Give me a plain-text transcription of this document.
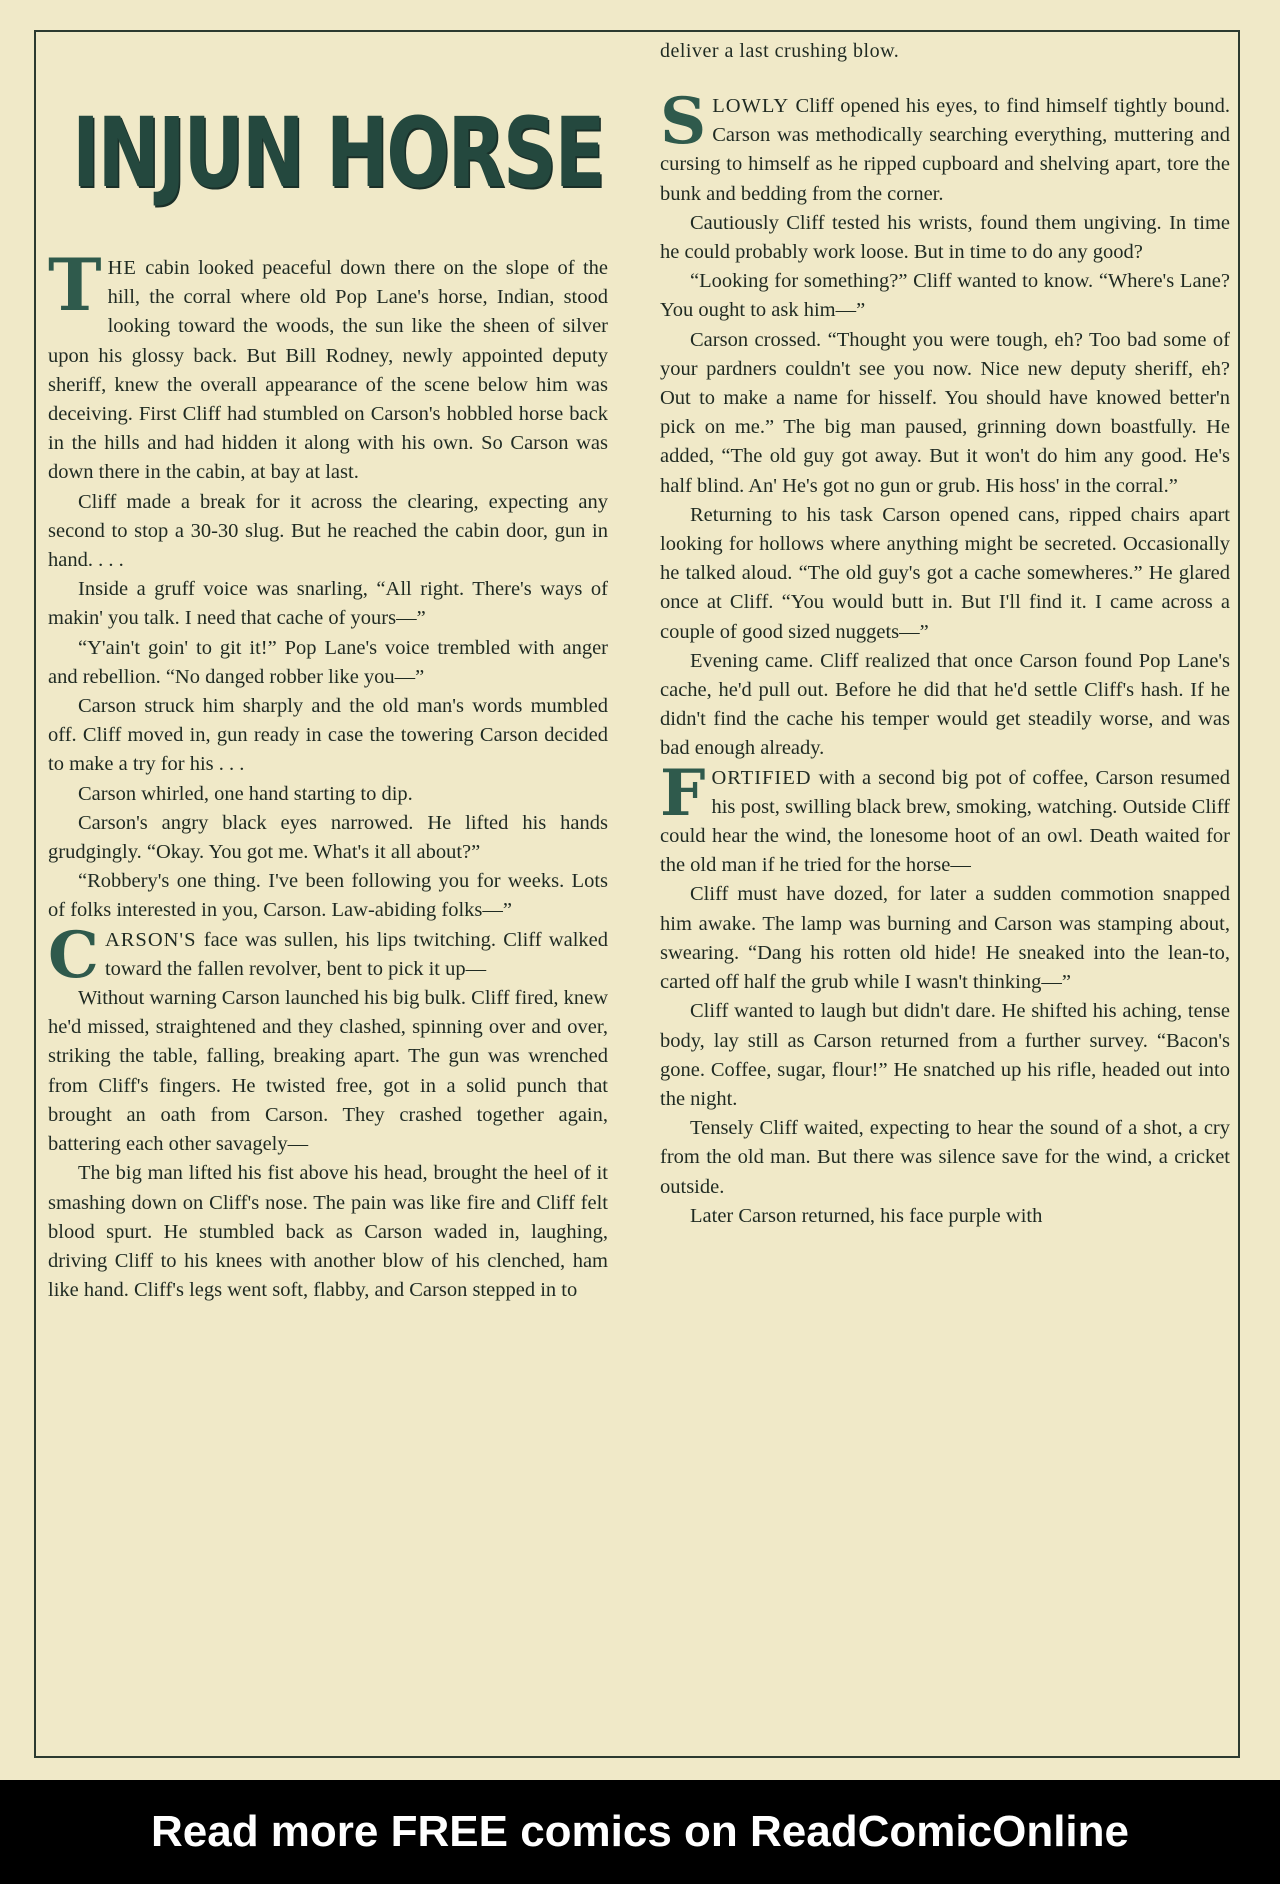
deliver a last crushing blow.
INJUN HORSE

THE cabin looked peaceful down there on the slope of the hill, the corral where old Pop Lane's horse, Indian, stood looking toward the woods, the sun like the sheen of silver upon his glossy back. But Bill Rodney, newly appointed deputy sheriff, knew the overall appearance of the scene below him was deceiving. First Cliff had stumbled on Carson's hobbled horse back in the hills and had hidden it along with his own. So Carson was down there in the cabin, at bay at last.

Cliff made a break for it across the clearing, expecting any second to stop a 30-30 slug. But he reached the cabin door, gun in hand. . . .

Inside a gruff voice was snarling, “All right. There's ways of makin' you talk. I need that cache of yours—”

“Y'ain't goin' to git it!” Pop Lane's voice trembled with anger and rebellion. “No danged robber like you—”

Carson struck him sharply and the old man's words mumbled off. Cliff moved in, gun ready in case the towering Carson decided to make a try for his . . .

Carson whirled, one hand starting to dip.

Carson's angry black eyes narrowed. He lifted his hands grudgingly. “Okay. You got me. What's it all about?”

“Robbery's one thing. I've been following you for weeks. Lots of folks interested in you, Carson. Law-abiding folks—”

CARSON'S face was sullen, his lips twitching. Cliff walked toward the fallen revolver, bent to pick it up—

Without warning Carson launched his big bulk. Cliff fired, knew he'd missed, straightened and they clashed, spinning over and over, striking the table, falling, breaking apart. The gun was wrenched from Cliff's fingers. He twisted free, got in a solid punch that brought an oath from Carson. They crashed together again, battering each other savagely—

The big man lifted his fist above his head, brought the heel of it smashing down on Cliff's nose. The pain was like fire and Cliff felt blood spurt. He stumbled back as Carson waded in, laughing, driving Cliff to his knees with another blow of his clenched, ham like hand. Cliff's legs went soft, flabby, and Carson stepped in to

SLOWLY Cliff opened his eyes, to find himself tightly bound. Carson was methodically searching everything, muttering and cursing to himself as he ripped cupboard and shelving apart, tore the bunk and bedding from the corner.

Cautiously Cliff tested his wrists, found them ungiving. In time he could probably work loose. But in time to do any good?

“Looking for something?” Cliff wanted to know. “Where's Lane? You ought to ask him—”

Carson crossed. “Thought you were tough, eh? Too bad some of your pardners couldn't see you now. Nice new deputy sheriff, eh? Out to make a name for hisself. You should have knowed better'n pick on me.” The big man paused, grinning down boastfully. He added, “The old guy got away. But it won't do him any good. He's half blind. An' He's got no gun or grub. His hoss' in the corral.”

Returning to his task Carson opened cans, ripped chairs apart looking for hollows where anything might be secreted. Occasionally he talked aloud. “The old guy's got a cache somewheres.” He glared once at Cliff. “You would butt in. But I'll find it. I came across a couple of good sized nuggets—”

Evening came. Cliff realized that once Carson found Pop Lane's cache, he'd pull out. Before he did that he'd settle Cliff's hash. If he didn't find the cache his temper would get steadily worse, and was bad enough already.

FORTIFIED with a second big pot of coffee, Carson resumed his post, swilling black brew, smoking, watching. Outside Cliff could hear the wind, the lonesome hoot of an owl. Death waited for the old man if he tried for the horse—

Cliff must have dozed, for later a sudden commotion snapped him awake. The lamp was burning and Carson was stamping about, swearing. “Dang his rotten old hide! He sneaked into the lean-to, carted off half the grub while I wasn't thinking—”

Cliff wanted to laugh but didn't dare. He shifted his aching, tense body, lay still as Carson returned from a further survey. “Bacon's gone. Coffee, sugar, flour!” He snatched up his rifle, headed out into the night.

Tensely Cliff waited, expecting to hear the sound of a shot, a cry from the old man. But there was silence save for the wind, a cricket outside.

Later Carson returned, his face purple with

Read more FREE comics on ReadComicOnline
